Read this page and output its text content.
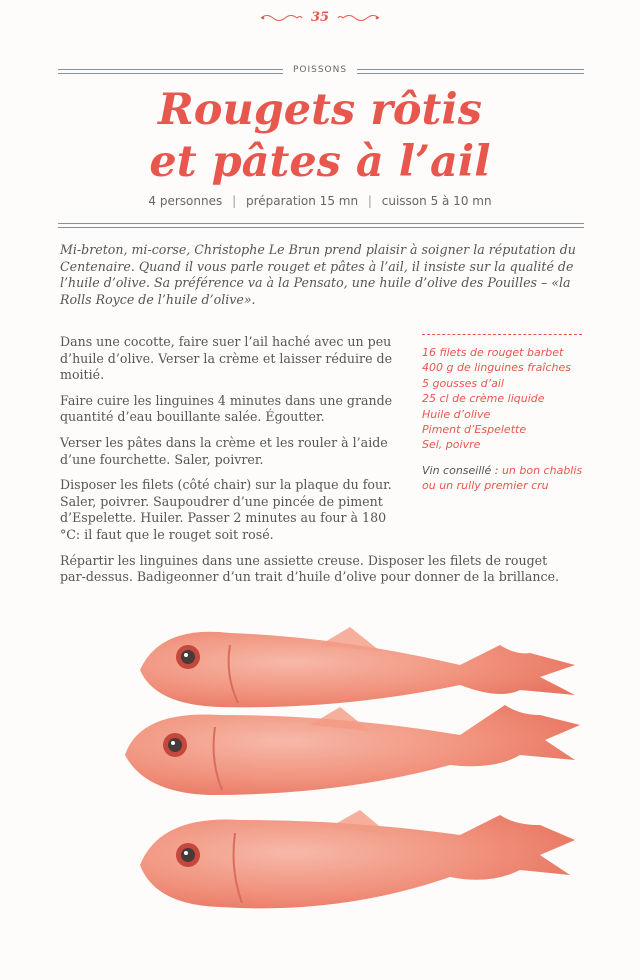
35
POISSONS
Rougets rôtis
et pâtes à l’ail
4 personnes | préparation 15 mn | cuisson 5 à 10 mn

Mi-breton, mi-corse, Christophe Le Brun prend plaisir à soigner la réputation du Centenaire. Quand il vous parle rouget et pâtes à l’ail, il insiste sur la qualité de l’huile d’olive. Sa préférence va à la Pensato, une huile d’olive des Pouilles – «la Rolls Royce de l’huile d’olive».

Dans une cocotte, faire suer l’ail haché avec un peu d’huile d’olive. Verser la crème et laisser réduire de moitié.

Faire cuire les linguines 4 minutes dans une grande quantité d’eau bouillante salée. Égoutter.

Verser les pâtes dans la crème et les rouler à l’aide d’une fourchette. Saler, poivrer.

Disposer les filets (côté chair) sur la plaque du four. Saler, poivrer. Saupoudrer d’une pincée de piment d’Espelette. Huiler. Passer 2 minutes au four à 180 °C: il faut que le rouget soit rosé.

Répartir les linguines dans une assiette creuse. Disposer les filets de rouget par-dessus. Badigeonner d’un trait d’huile d’olive pour donner de la brillance.

16 filets de rouget barbet
400 g de linguines fraîches
5 gousses d’ail
25 cl de crème liquide
Huile d’olive
Piment d’Espelette
Sel, poivre
Vin conseillé : un bon chablis ou un rully premier cru
